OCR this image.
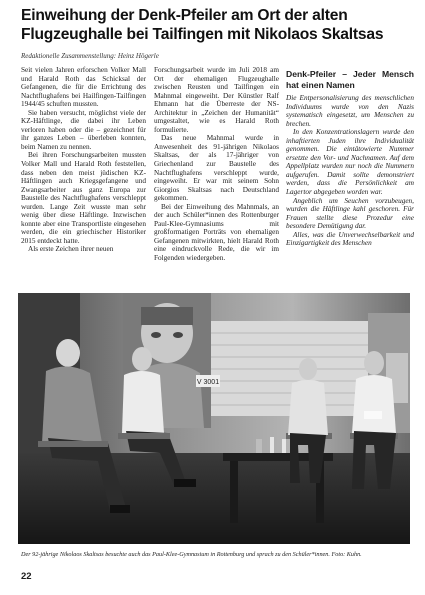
Einweihung der Denk-Pfeiler am Ort der alten Flugzeughalle bei Tailfingen mit Nikolaos Skaltsas
Redaktionelle Zusammenstellung: Heinz Högerle

Seit vielen Jahren erforschen Volker Mall und Harald Roth das Schicksal der Gefangenen, die für die Errichtung des Nachtflughafens bei Hailfingen-Tailfingen 1944/45 schuften mussten.

Sie haben versucht, möglichst viele der KZ-Häftlinge, die dabei ihr Leben verloren haben oder die – gezeichnet für ihr ganzes Leben – überleben konnten, beim Namen zu nennen.

Bei ihren Forschungsarbeiten mussten Volker Mall und Harald Roth feststellen, dass neben den meist jüdischen KZ-Häftlingen auch Kriegsgefangene und Zwangsarbeiter aus ganz Europa zur Baustelle des Nachtflughafens verschleppt wurden. Lange Zeit wusste man sehr wenig über diese Häftlinge. Inzwischen konnte aber eine Transportliste eingesehen werden, die ein griechischer Historiker 2015 entdeckt hatte.

Als erste Zeichen ihrer neuen

Forschungsarbeit wurde im Juli 2018 am Ort der ehemaligen Flugzeughalle zwischen Reusten und Tailfingen ein Mahnmal eingeweiht. Der Künstler Ralf Ehmann hat die Überreste der NS-Architektur in „Zeichen der Humanität“ umgestaltet, wie es Harald Roth formulierte.

Das neue Mahnmal wurde in Anwesenheit des 91-jährigen Nikolaos Skaltsas, der als 17-jähriger von Griechenland zur Baustelle des Nachtflughafens verschleppt wurde, eingeweiht. Er war mit seinem Sohn Giorgios Skaltsas nach Deutschland gekommen.

Bei der Einweihung des Mahnmals, an der auch Schüler*innen des Rottenburger Paul-Klee-Gymnasiums mit großformatigen Porträts von ehemaligen Gefangenen mitwirkten, hielt Harald Roth eine eindruckvolle Rede, die wir im Folgenden wiedergeben.

Denk-Pfeiler – Jeder Mensch hat einen Namen

Die Entpersonalisierung des menschlichen Individuums wurde von den Nazis systematisch eingesetzt, um Menschen zu brechen.

In den Konzentrationslagern wurde den inhaftierten Juden ihre Individualität genommen. Die eintätowierte Nummer ersetzte den Vor- und Nachnamen. Auf dem Appellplatz wurden nur noch die Nummern aufgerufen. Damit sollte demonstriert werden, dass die Persönlichkeit am Lagertor abgegeben worden war.

Angeblich um Seuchen vorzubeugen, wurden die Häftlinge kahl geschoren. Für Frauen stellte diese Prozedur eine besondere Demütigung dar.

Alles, was die Unverwechselbarkeit und Einzigartigkeit des Menschen

V 3001
Der 92-jährige Nikolaos Skaltsas besuchte auch das Paul-Klee-Gymnasium in Rottenburg und sprach zu den Schüler*innen. Foto: Kuhn.
22
